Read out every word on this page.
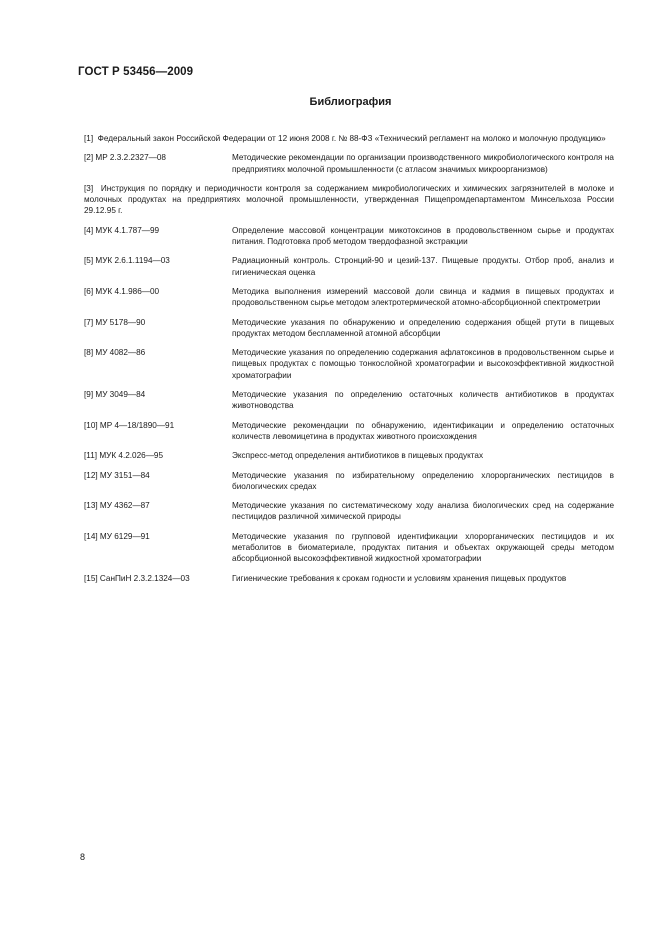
ГОСТ Р 53456—2009
Библиография
[1] Федеральный закон Российской Федерации от 12 июня 2008 г. № 88-ФЗ «Технический регламент на молоко и молочную продукцию»
[2] МР 2.3.2.2327—08	Методические рекомендации по организации производственного микробиологического контроля на предприятиях молочной промышленности (с атласом значимых микроорганизмов)
[3] Инструкция по порядку и периодичности контроля за содержанием микробиологических и химических загрязнителей в молоке и молочных продуктах на предприятиях молочной промышленности, утвержденная Пищепромдепартаментом Минсельхоза России 29.12.95 г.
[4] МУК 4.1.787—99	Определение массовой концентрации микотоксинов в продовольственном сырье и продуктах питания. Подготовка проб методом твердофазной экстракции
[5] МУК 2.6.1.1194—03	Радиационный контроль. Стронций-90 и цезий-137. Пищевые продукты. Отбор проб, анализ и гигиеническая оценка
[6] МУК 4.1.986—00	Методика выполнения измерений массовой доли свинца и кадмия в пищевых продуктах и продовольственном сырье методом электротермической атомно-абсорбционной спектрометрии
[7] МУ 5178—90	Методические указания по обнаружению и определению содержания общей ртути в пищевых продуктах методом беспламенной атомной абсорбции
[8] МУ 4082—86	Методические указания по определению содержания афлатоксинов в продовольственном сырье и пищевых продуктах с помощью тонкослойной хроматографии и высокоэффективной жидкостной хроматографии
[9] МУ 3049—84	Методические указания по определению остаточных количеств антибиотиков в продуктах животноводства
[10] МР 4—18/1890—91	Методические рекомендации по обнаружению, идентификации и определению остаточных количеств левомицетина в продуктах животного происхождения
[11] МУК 4.2.026—95	Экспресс-метод определения антибиотиков в пищевых продуктах
[12] МУ 3151—84	Методические указания по избирательному определению хлорорганических пестицидов в биологических средах
[13] МУ 4362—87	Методические указания по систематическому ходу анализа биологических сред на содержание пестицидов различной химической природы
[14] МУ 6129—91	Методические указания по групповой идентификации хлорорганических пестицидов и их метаболитов в биоматериале, продуктах питания и объектах окружающей среды методом абсорбционной высокоэффективной жидкостной хроматографии
[15] СанПиН 2.3.2.1324—03	Гигиенические требования к срокам годности и условиям хранения пищевых продуктов
8
